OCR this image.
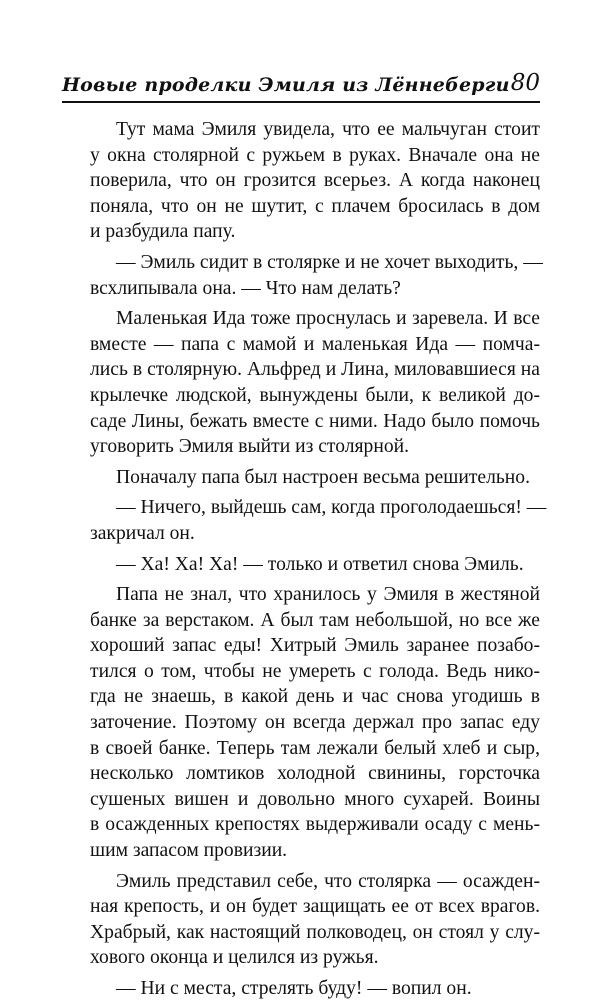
Новые проделки Эмиля из Лённеберги 80
Тут мама Эмиля увидела, что ее мальчуган стоит
у окна столярной с ружьем в руках. Вначале она не
поверила, что он грозится всерьез. А когда наконец
поняла, что он не шутит, с плачем бросилась в дом
и разбудила папу.
— Эмиль сидит в столярке и не хочет выходить, —
всхлипывала она. — Что нам делать?
Маленькая Ида тоже проснулась и заревела. И все
вместе — папа с мамой и маленькая Ида — помча-
лись в столярную. Альфред и Лина, миловавшиеся на
крылечке людской, вынуждены были, к великой до-
саде Лины, бежать вместе с ними. Надо было помочь
уговорить Эмиля выйти из столярной.
Поначалу папа был настроен весьма решительно.
— Ничего, выйдешь сам, когда проголодаешься! —
закричал он.
— Ха! Ха! Ха! — только и ответил снова Эмиль.
Папа не знал, что хранилось у Эмиля в жестяной
банке за верстаком. А был там небольшой, но все же
хороший запас еды! Хитрый Эмиль заранее позабо-
тился о том, чтобы не умереть с голода. Ведь нико-
гда не знаешь, в какой день и час снова угодишь в
заточение. Поэтому он всегда держал про запас еду
в своей банке. Теперь там лежали белый хлеб и сыр,
несколько ломтиков холодной свинины, горсточка
сушеных вишен и довольно много сухарей. Воины
в осажденных крепостях выдерживали осаду с мень-
шим запасом провизии.
Эмиль представил себе, что столярка — осажден-
ная крепость, и он будет защищать ее от всех врагов.
Храбрый, как настоящий полководец, он стоял у слу-
хового оконца и целился из ружья.
— Ни с места, стрелять буду! — вопил он.
